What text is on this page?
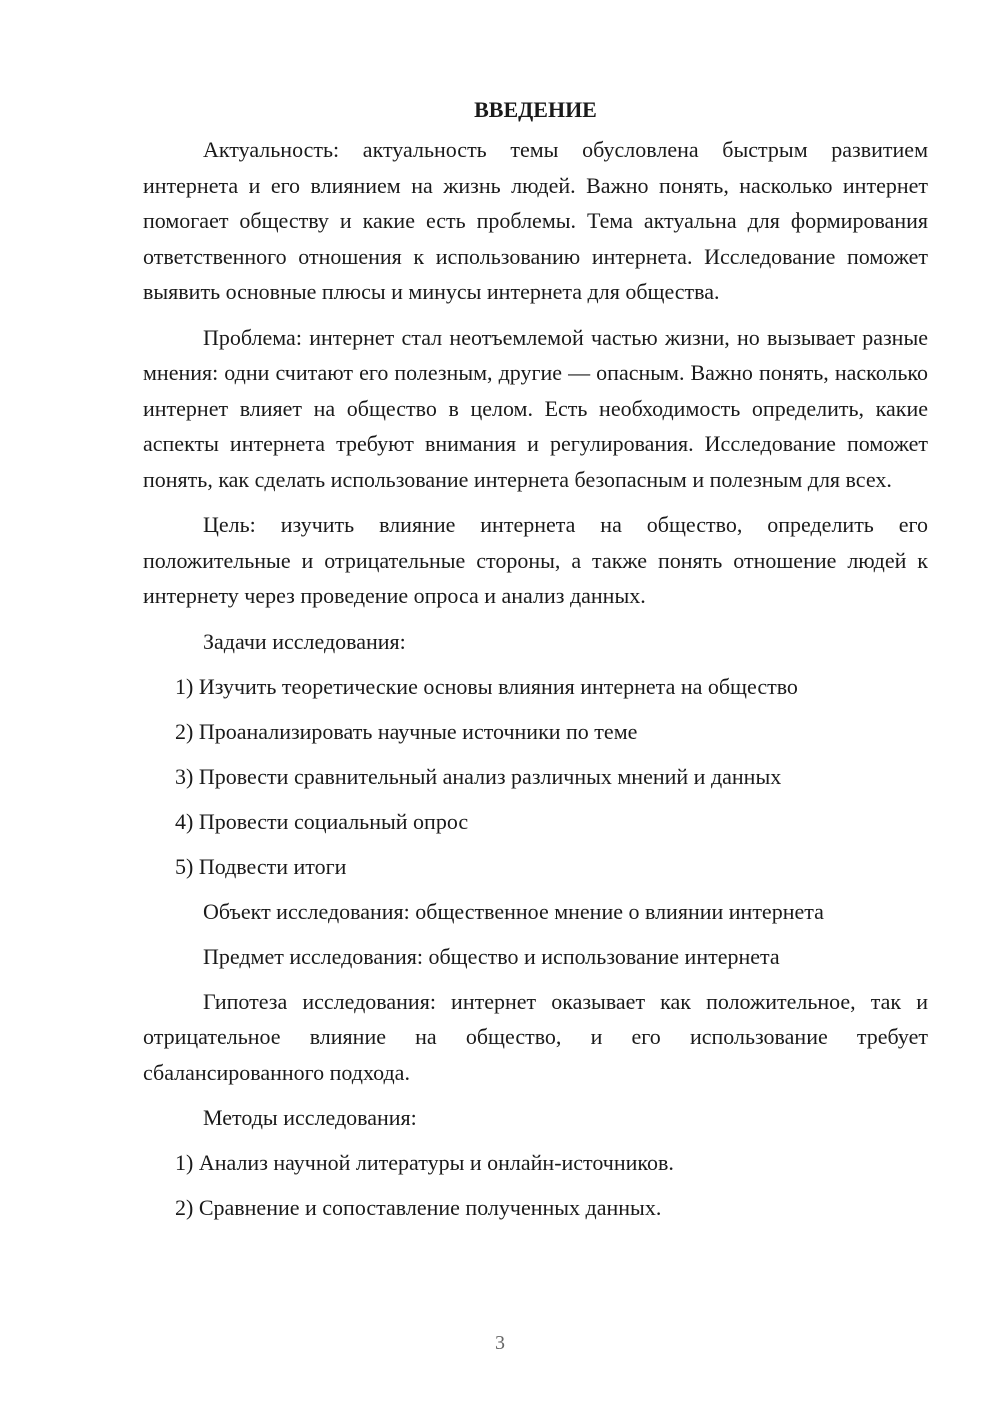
ВВЕДЕНИЕ

Актуальность: актуальность темы обусловлена быстрым развитием интернета и его влиянием на жизнь людей. Важно понять, насколько интернет помогает обществу и какие есть проблемы. Тема актуальна для формирования ответственного отношения к использованию интернета. Исследование поможет выявить основные плюсы и минусы интернета для общества.

Проблема: интернет стал неотъемлемой частью жизни, но вызывает разные мнения: одни считают его полезным, другие — опасным. Важно понять, насколько интернет влияет на общество в целом. Есть необходимость определить, какие аспекты интернета требуют внимания и регулирования. Исследование поможет понять, как сделать использование интернета безопасным и полезным для всех.

Цель: изучить влияние интернета на общество, определить его положительные и отрицательные стороны, а также понять отношение людей к интернету через проведение опроса и анализ данных.

Задачи исследования:
1) Изучить теоретические основы влияния интернета на общество
2) Проанализировать научные источники по теме
3) Провести сравнительный анализ различных мнений и данных
4) Провести социальный опрос
5) Подвести итоги
Объект исследования: общественное мнение о влиянии интернета
Предмет исследования: общество и использование интернета

Гипотеза исследования: интернет оказывает как положительное, так и отрицательное влияние на общество, и его использование требует сбалансированного подхода.

Методы исследования:
1) Анализ научной литературы и онлайн-источников.
2) Сравнение и сопоставление полученных данных.
3
